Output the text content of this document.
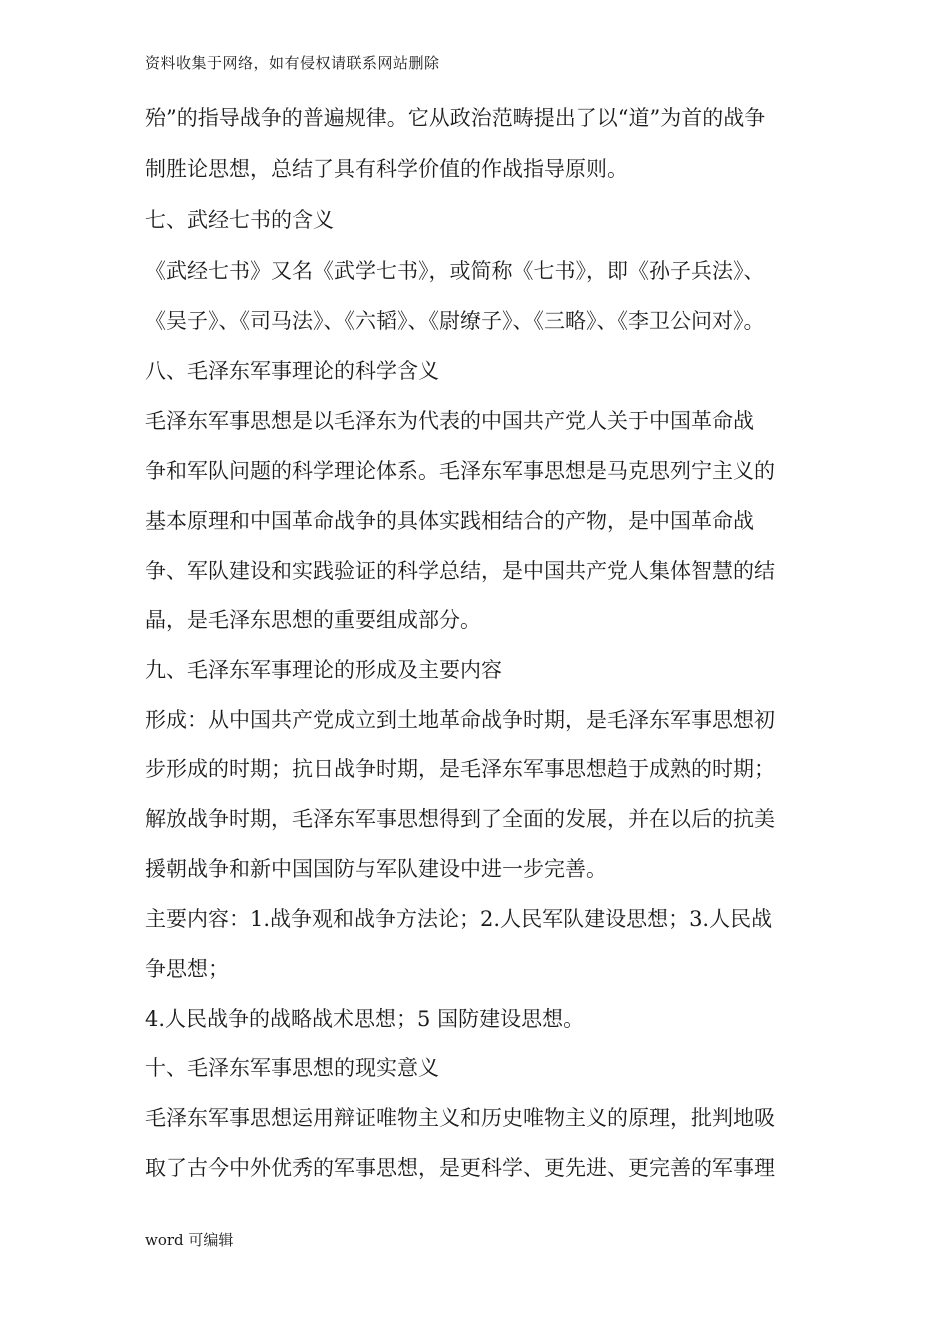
资料收集于网络，如有侵权请联系网站删除
殆”的指导战争的普遍规律。它从政治范畴提出了以“道”为首的战争
制胜论思想，总结了具有科学价值的作战指导原则。
七、武经七书的含义
《武经七书》又名《武学七书》，或简称《七书》，即《孙子兵法》、
《吴子》、《司马法》、《六韬》、《尉缭子》、《三略》、《李卫公问对》。
八、毛泽东军事理论的科学含义
毛泽东军事思想是以毛泽东为代表的中国共产党人关于中国革命战
争和军队问题的科学理论体系。毛泽东军事思想是马克思列宁主义的
基本原理和中国革命战争的具体实践相结合的产物，是中国革命战
争、军队建设和实践验证的科学总结，是中国共产党人集体智慧的结
晶，是毛泽东思想的重要组成部分。
九、毛泽东军事理论的形成及主要内容
形成：从中国共产党成立到土地革命战争时期，是毛泽东军事思想初
步形成的时期；抗日战争时期，是毛泽东军事思想趋于成熟的时期；
解放战争时期，毛泽东军事思想得到了全面的发展，并在以后的抗美
援朝战争和新中国国防与军队建设中进一步完善。
主要内容：1.战争观和战争方法论；2.人民军队建设思想；3.人民战
争思想；
4.人民战争的战略战术思想；5 国防建设思想。
十、毛泽东军事思想的现实意义
毛泽东军事思想运用辩证唯物主义和历史唯物主义的原理，批判地吸
取了古今中外优秀的军事思想，是更科学、更先进、更完善的军事理
word 可编辑
